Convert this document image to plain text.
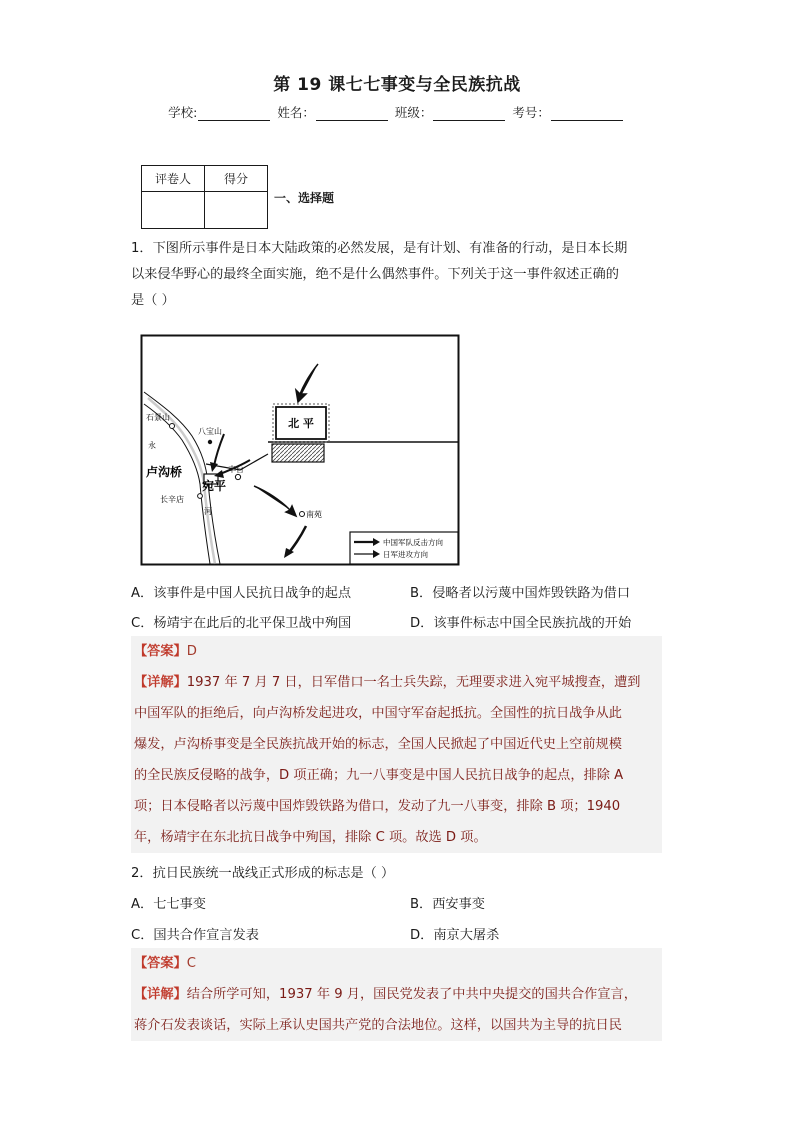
第 19 课七七事变与全民族抗战
学校:	姓名：	班级：	考号：
评卷人	得分

一、选择题
1．下图所示事件是日本大陆政策的必然发展，是有计划、有准备的行动，是日本长期
以来侵华野心的最终全面实施，绝不是什么偶然事件。下列关于这一事件叙述正确的
是（ ）
北 平
永
河
石景山
八宝山
卢沟桥
宛平
丰台
长辛店
南苑
中国军队反击方向
日军进攻方向
A．该事件是中国人民抗日战争的起点	B．侵略者以污蔑中国炸毁铁路为借口
C．杨靖宇在此后的北平保卫战中殉国	D．该事件标志中国全民族抗战的开始
【答案】D
【详解】1937 年 7 月 7 日，日军借口一名士兵失踪，无理要求进入宛平城搜查，遭到
中国军队的拒绝后，向卢沟桥发起进攻，中国守军奋起抵抗。全国性的抗日战争从此
爆发，卢沟桥事变是全民族抗战开始的标志，全国人民掀起了中国近代史上空前规模
的全民族反侵略的战争，D 项正确；九一八事变是中国人民抗日战争的起点，排除 A
项；日本侵略者以污蔑中国炸毁铁路为借口，发动了九一八事变，排除 B 项；1940
年，杨靖宇在东北抗日战争中殉国，排除 C 项。故选 D 项。
2．抗日民族统一战线正式形成的标志是（ ）
A．七七事变	B．西安事变
C．国共合作宣言发表	D．南京大屠杀
【答案】C
【详解】结合所学可知，1937 年 9 月，国民党发表了中共中央提交的国共合作宣言，
蒋介石发表谈话，实际上承认史国共产党的合法地位。这样，以国共为主导的抗日民
